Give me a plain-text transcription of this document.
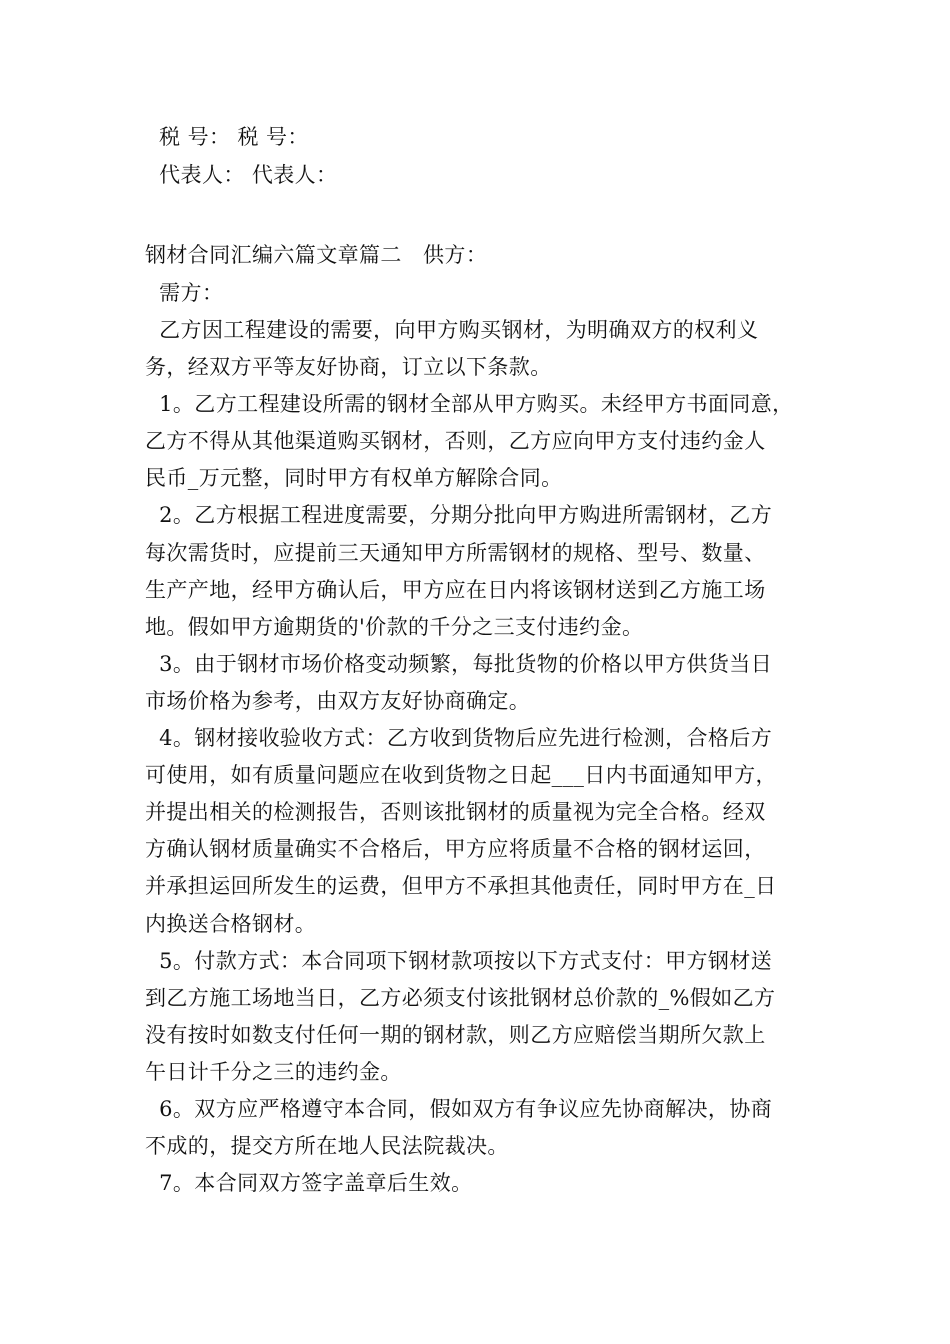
税 号： 税 号：
代表人： 代表人：
钢材合同汇编六篇文章篇二   供方：
需方：
乙方因工程建设的需要，向甲方购买钢材，为明确双方的权利义
务，经双方平等友好协商，订立以下条款。
1。乙方工程建设所需的钢材全部从甲方购买。未经甲方书面同意，
乙方不得从其他渠道购买钢材，否则，乙方应向甲方支付违约金人
民币_万元整，同时甲方有权单方解除合同。
2。乙方根据工程进度需要，分期分批向甲方购进所需钢材，乙方
每次需货时，应提前三天通知甲方所需钢材的规格、型号、数量、
生产产地，经甲方确认后，甲方应在日内将该钢材送到乙方施工场
地。假如甲方逾期货的'价款的千分之三支付违约金。
3。由于钢材市场价格变动频繁，每批货物的价格以甲方供货当日
市场价格为参考，由双方友好协商确定。
4。钢材接收验收方式：乙方收到货物后应先进行检测，合格后方
可使用，如有质量问题应在收到货物之日起___日内书面通知甲方，
并提出相关的检测报告，否则该批钢材的质量视为完全合格。经双
方确认钢材质量确实不合格后，甲方应将质量不合格的钢材运回，
并承担运回所发生的运费，但甲方不承担其他责任，同时甲方在_日
内换送合格钢材。
5。付款方式：本合同项下钢材款项按以下方式支付：甲方钢材送
到乙方施工场地当日，乙方必须支付该批钢材总价款的_%假如乙方
没有按时如数支付任何一期的钢材款，则乙方应赔偿当期所欠款上
午日计千分之三的违约金。
6。双方应严格遵守本合同，假如双方有争议应先协商解决，协商
不成的，提交方所在地人民法院裁决。
7。本合同双方签字盖章后生效。
